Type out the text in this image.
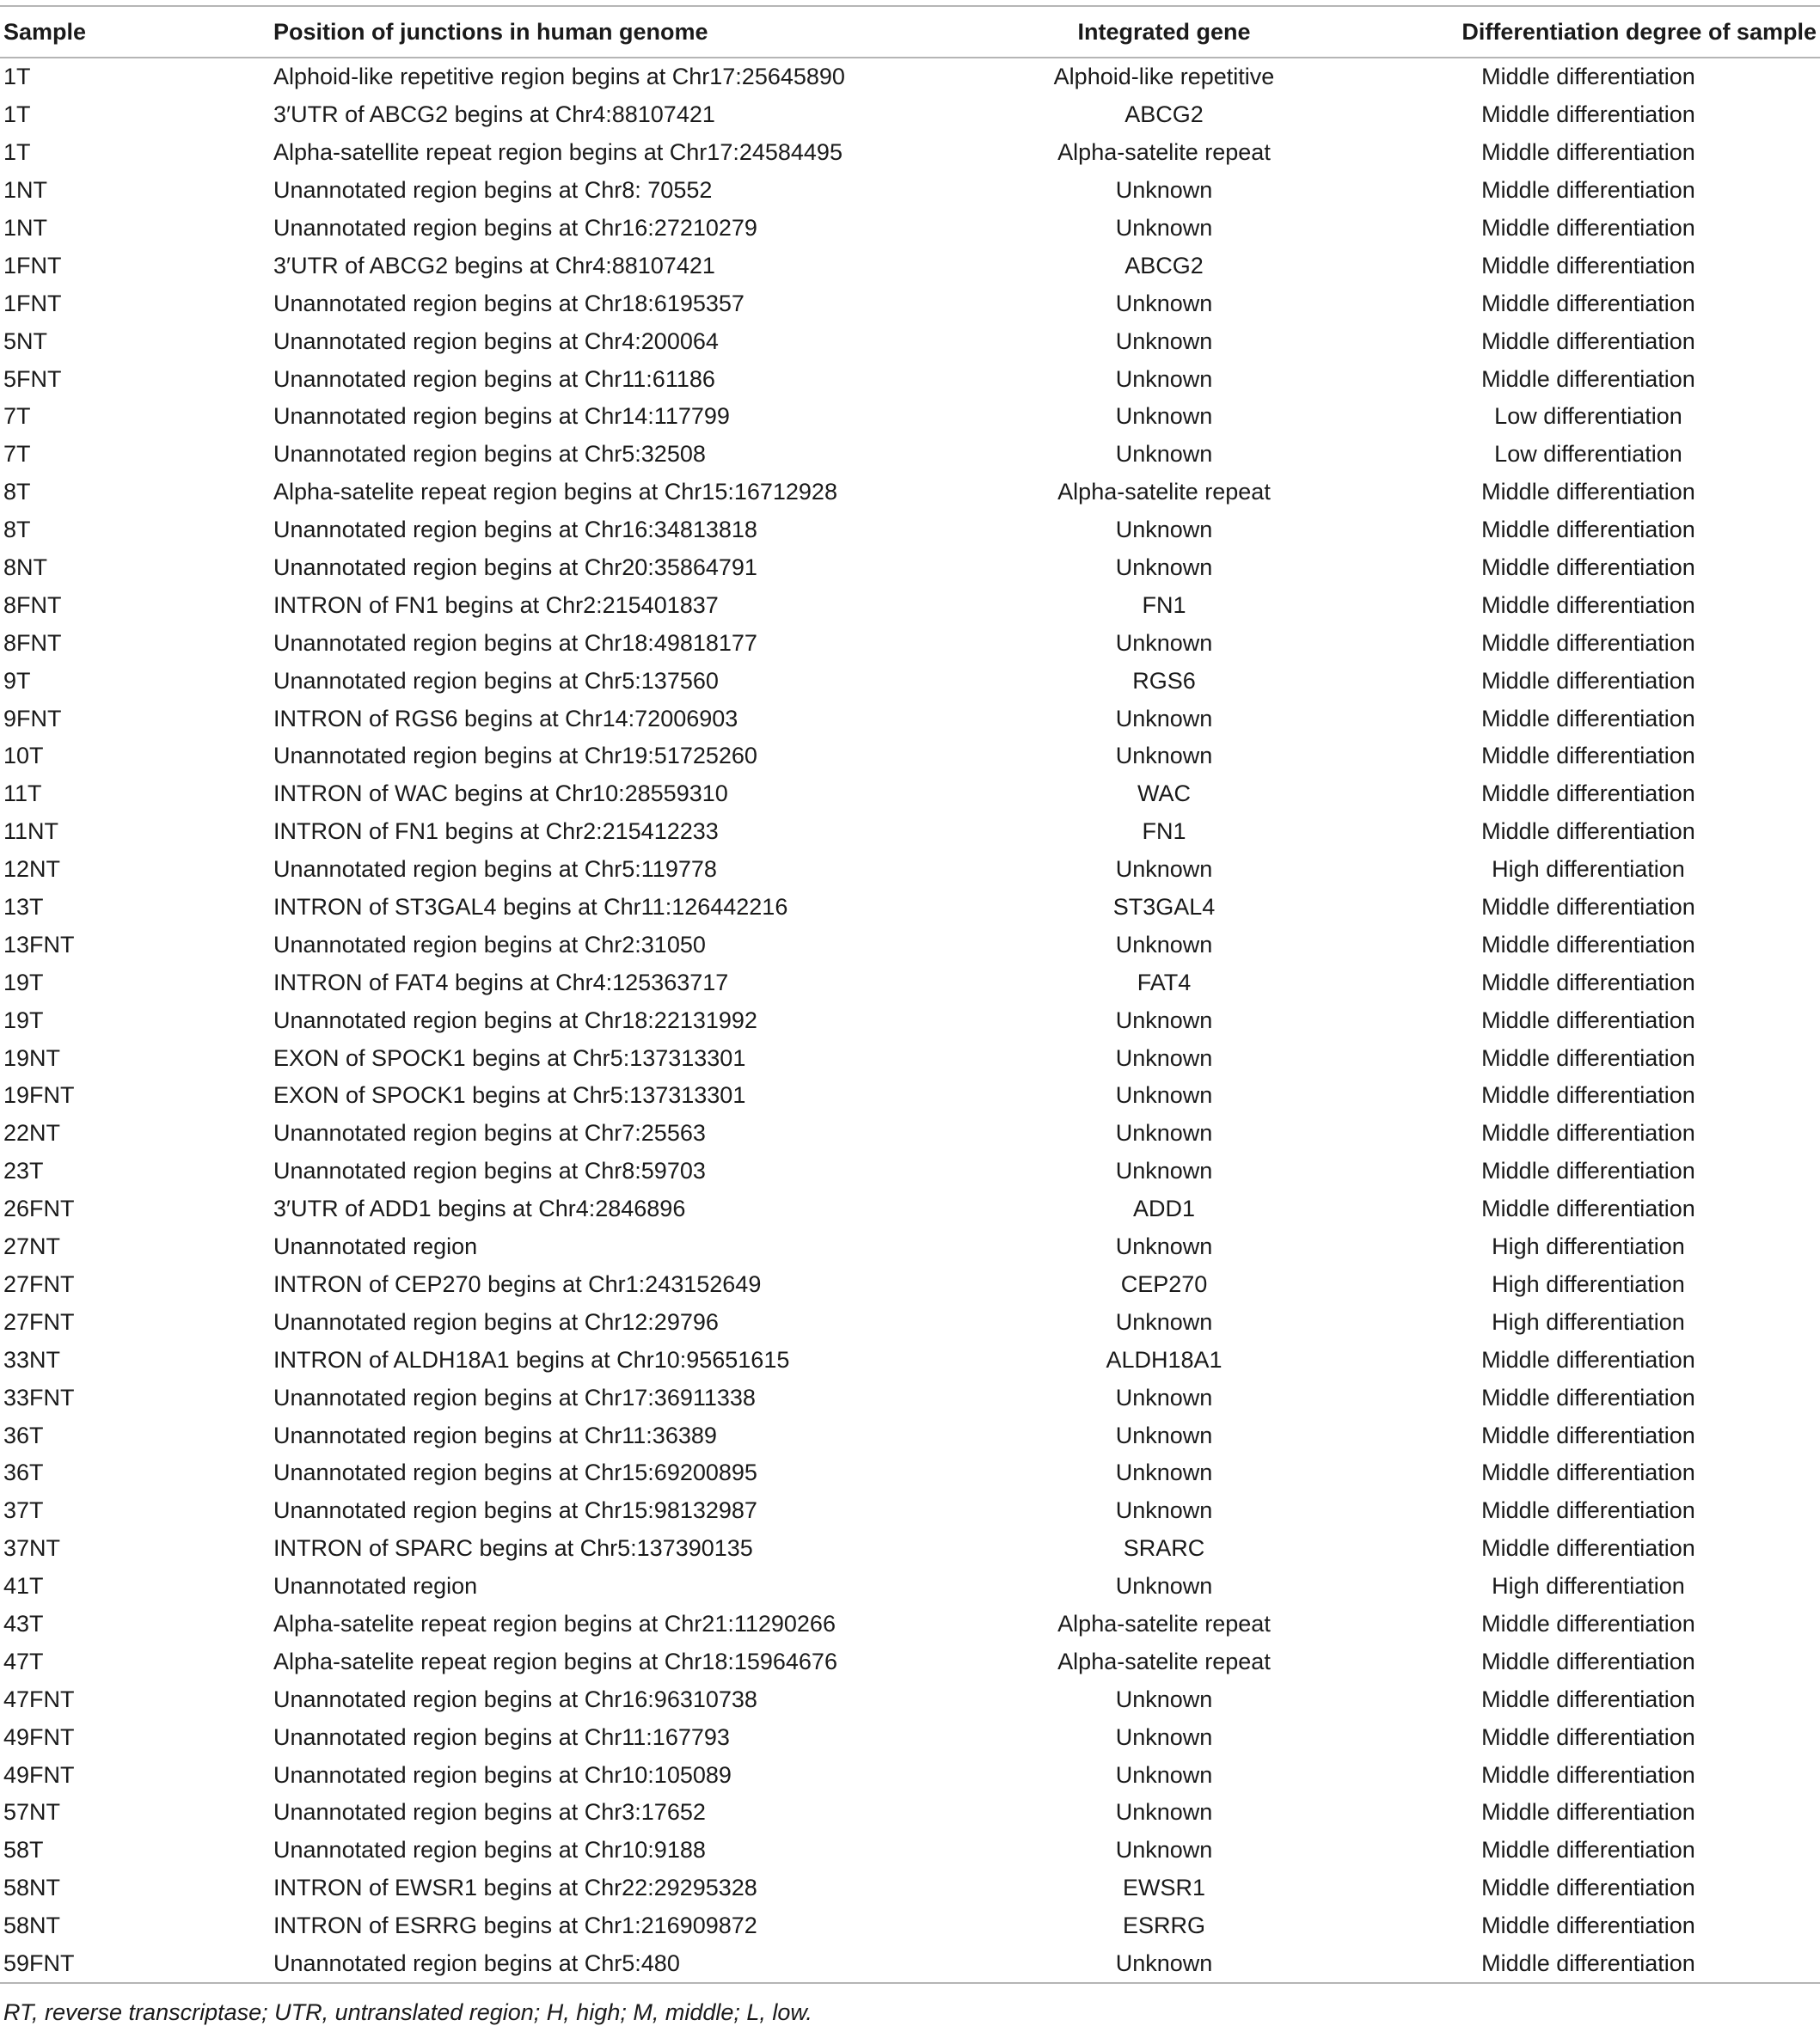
Sample	Position of junctions in human genome	Integrated gene	Differentiation degree of sample
1T	Alphoid-like repetitive region begins at Chr17:25645890	Alphoid-like repetitive	Middle differentiation
1T	3′UTR of ABCG2 begins at Chr4:88107421	ABCG2	Middle differentiation
1T	Alpha-satellite repeat region begins at Chr17:24584495	Alpha-satelite repeat	Middle differentiation
1NT	Unannotated region begins at Chr8: 70552	Unknown	Middle differentiation
1NT	Unannotated region begins at Chr16:27210279	Unknown	Middle differentiation
1FNT	3′UTR of ABCG2 begins at Chr4:88107421	ABCG2	Middle differentiation
1FNT	Unannotated region begins at Chr18:6195357	Unknown	Middle differentiation
5NT	Unannotated region begins at Chr4:200064	Unknown	Middle differentiation
5FNT	Unannotated region begins at Chr11:61186	Unknown	Middle differentiation
7T	Unannotated region begins at Chr14:117799	Unknown	Low differentiation
7T	Unannotated region begins at Chr5:32508	Unknown	Low differentiation
8T	Alpha-satelite repeat region begins at Chr15:16712928	Alpha-satelite repeat	Middle differentiation
8T	Unannotated region begins at Chr16:34813818	Unknown	Middle differentiation
8NT	Unannotated region begins at Chr20:35864791	Unknown	Middle differentiation
8FNT	INTRON of FN1 begins at Chr2:215401837	FN1	Middle differentiation
8FNT	Unannotated region begins at Chr18:49818177	Unknown	Middle differentiation
9T	Unannotated region begins at Chr5:137560	RGS6	Middle differentiation
9FNT	INTRON of RGS6 begins at Chr14:72006903	Unknown	Middle differentiation
10T	Unannotated region begins at Chr19:51725260	Unknown	Middle differentiation
11T	INTRON of WAC begins at Chr10:28559310	WAC	Middle differentiation
11NT	INTRON of FN1 begins at Chr2:215412233	FN1	Middle differentiation
12NT	Unannotated region begins at Chr5:119778	Unknown	High differentiation
13T	INTRON of ST3GAL4 begins at Chr11:126442216	ST3GAL4	Middle differentiation
13FNT	Unannotated region begins at Chr2:31050	Unknown	Middle differentiation
19T	INTRON of FAT4 begins at Chr4:125363717	FAT4	Middle differentiation
19T	Unannotated region begins at Chr18:22131992	Unknown	Middle differentiation
19NT	EXON of SPOCK1 begins at Chr5:137313301	Unknown	Middle differentiation
19FNT	EXON of SPOCK1 begins at Chr5:137313301	Unknown	Middle differentiation
22NT	Unannotated region begins at Chr7:25563	Unknown	Middle differentiation
23T	Unannotated region begins at Chr8:59703	Unknown	Middle differentiation
26FNT	3′UTR of ADD1 begins at Chr4:2846896	ADD1	Middle differentiation
27NT	Unannotated region	Unknown	High differentiation
27FNT	INTRON of CEP270 begins at Chr1:243152649	CEP270	High differentiation
27FNT	Unannotated region begins at Chr12:29796	Unknown	High differentiation
33NT	INTRON of ALDH18A1 begins at Chr10:95651615	ALDH18A1	Middle differentiation
33FNT	Unannotated region begins at Chr17:36911338	Unknown	Middle differentiation
36T	Unannotated region begins at Chr11:36389	Unknown	Middle differentiation
36T	Unannotated region begins at Chr15:69200895	Unknown	Middle differentiation
37T	Unannotated region begins at Chr15:98132987	Unknown	Middle differentiation
37NT	INTRON of SPARC begins at Chr5:137390135	SRARC	Middle differentiation
41T	Unannotated region	Unknown	High differentiation
43T	Alpha-satelite repeat region begins at Chr21:11290266	Alpha-satelite repeat	Middle differentiation
47T	Alpha-satelite repeat region begins at Chr18:15964676	Alpha-satelite repeat	Middle differentiation
47FNT	Unannotated region begins at Chr16:96310738	Unknown	Middle differentiation
49FNT	Unannotated region begins at Chr11:167793	Unknown	Middle differentiation
49FNT	Unannotated region begins at Chr10:105089	Unknown	Middle differentiation
57NT	Unannotated region begins at Chr3:17652	Unknown	Middle differentiation
58T	Unannotated region begins at Chr10:9188	Unknown	Middle differentiation
58NT	INTRON of EWSR1 begins at Chr22:29295328	EWSR1	Middle differentiation
58NT	INTRON of ESRRG begins at Chr1:216909872	ESRRG	Middle differentiation
59FNT	Unannotated region begins at Chr5:480	Unknown	Middle differentiation
RT, reverse transcriptase; UTR, untranslated region; H, high; M, middle; L, low.
